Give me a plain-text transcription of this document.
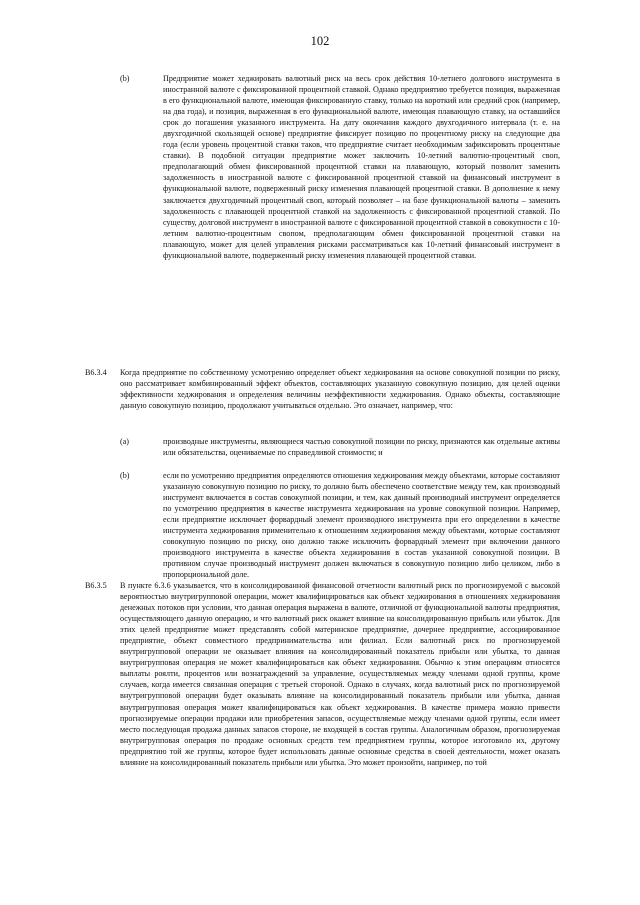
102
(b)	Предприятие может хеджировать валютный риск на весь срок действия 10-летнего долгового инструмента в иностранной валюте с фиксированной процентной ставкой. Однако предприятию требуется позиция, выраженная в его функциональной валюте, имеющая фиксированную ставку, только на короткий или средний срок (например, на два года), и позиция, выраженная в его функциональной валюте, имеющая плавающую ставку, на оставшийся срок до погашения указанного инструмента. На дату окончания каждого двухгодичного интервала (т. е. на двухгодичной скользящей основе) предприятие фиксирует позицию по процентному риску на следующие два года (если уровень процентной ставки таков, что предприятие считает необходимым зафиксировать процентные ставки). В подобной ситуации предприятие может заключить 10-летний валютно-процентный своп, предполагающий обмен фиксированной процентной ставки на плавающую, который позволит заменить задолженность в иностранной валюте с фиксированной процентной ставкой на финансовый инструмент в функциональной валюте, подверженный риску изменения плавающей процентной ставки. В дополнение к нему заключается двухгодичный процентный своп, который позволяет – на базе функциональной валюты – заменить задолженность с плавающей процентной ставкой на задолженность с фиксированной процентной ставкой. По существу, долговой инструмент в иностранной валюте с фиксированной процентной ставкой в совокупности с 10-летним валютно-процентным свопом, предполагающим обмен фиксированной процентной ставки на плавающую, может для целей управления рисками рассматриваться как 10-летний финансовый инструмент в функциональной валюте, подверженный риску изменения плавающей процентной ставки.

B6.3.4 Когда предприятие по собственному усмотрению определяет объект хеджирования на основе совокупной позиции по риску, оно рассматривает комбинированный эффект объектов, составляющих указанную совокупную позицию, для целей оценки эффективности хеджирования и определения величины неэффективности хеджирования. Однако объекты, составляющие данную совокупную позицию, продолжают учитываться отдельно. Это означает, например, что:

(a)	производные инструменты, являющиеся частью совокупной позиции по риску, признаются как отдельные активы или обязательства, оцениваемые по справедливой стоимости; и

(b)	если по усмотрению предприятия определяются отношения хеджирования между объектами, которые составляют указанную совокупную позицию по риску, то должно быть обеспечено соответствие между тем, как производный инструмент включается в состав совокупной позиции, и тем, как данный производный инструмент определяется по усмотрению предприятия в качестве инструмента хеджирования на уровне совокупной позиции. Например, если предприятие исключает форвардный элемент производного инструмента при его определении в качестве инструмента хеджирования применительно к отношениям хеджирования между объектами, которые составляют совокупную позицию по риску, оно должно также исключить форвардный элемент при включении данного производного инструмента в качестве объекта хеджирования в состав указанной совокупной позиции. В противном случае производный инструмент должен включаться в совокупную позицию либо целиком, либо в пропорциональной доле.

B6.3.5 В пункте 6.3.6 указывается, что в консолидированной финансовой отчетности валютный риск по прогнозируемой с высокой вероятностью внутригрупповой операции, может квалифицироваться как объект хеджирования в отношениях хеджирования денежных потоков при условии, что данная операция выражена в валюте, отличной от функциональной валюты предприятия, осуществляющего данную операцию, и что валютный риск окажет влияние на консолидированную прибыль или убыток. Для этих целей предприятие может представлять собой материнское предприятие, дочернее предприятие, ассоциированное предприятие, объект совместного предпринимательства или филиал. Если валютный риск по прогнозируемой внутригрупповой операции не оказывает влияния на консолидированный показатель прибыли или убытка, то данная внутригрупповая операция не может квалифицироваться как объект хеджирования. Обычно к этим операциям относятся выплаты роялти, процентов или вознаграждений за управление, осуществляемых между членами одной группы, кроме случаев, когда имеется связанная операция с третьей стороной. Однако в случаях, когда валютный риск по прогнозируемой внутригрупповой операции будет оказывать влияние на консолидированный показатель прибыли или убытка, данная внутригрупповая операция может квалифицироваться как объект хеджирования. В качестве примера можно привести прогнозируемые операции продажи или приобретения запасов, осуществляемые между членами одной группы, если имеет место последующая продажа данных запасов стороне, не входящей в состав группы. Аналогичным образом, прогнозируемая внутригрупповая операция по продаже основных средств тем предприятием группы, которое изготовило их, другому предприятию той же группы, которое будет использовать данные основные средства в своей деятельности, может оказать влияние на консолидированный показатель прибыли или убытка. Это может произойти, например, по той
